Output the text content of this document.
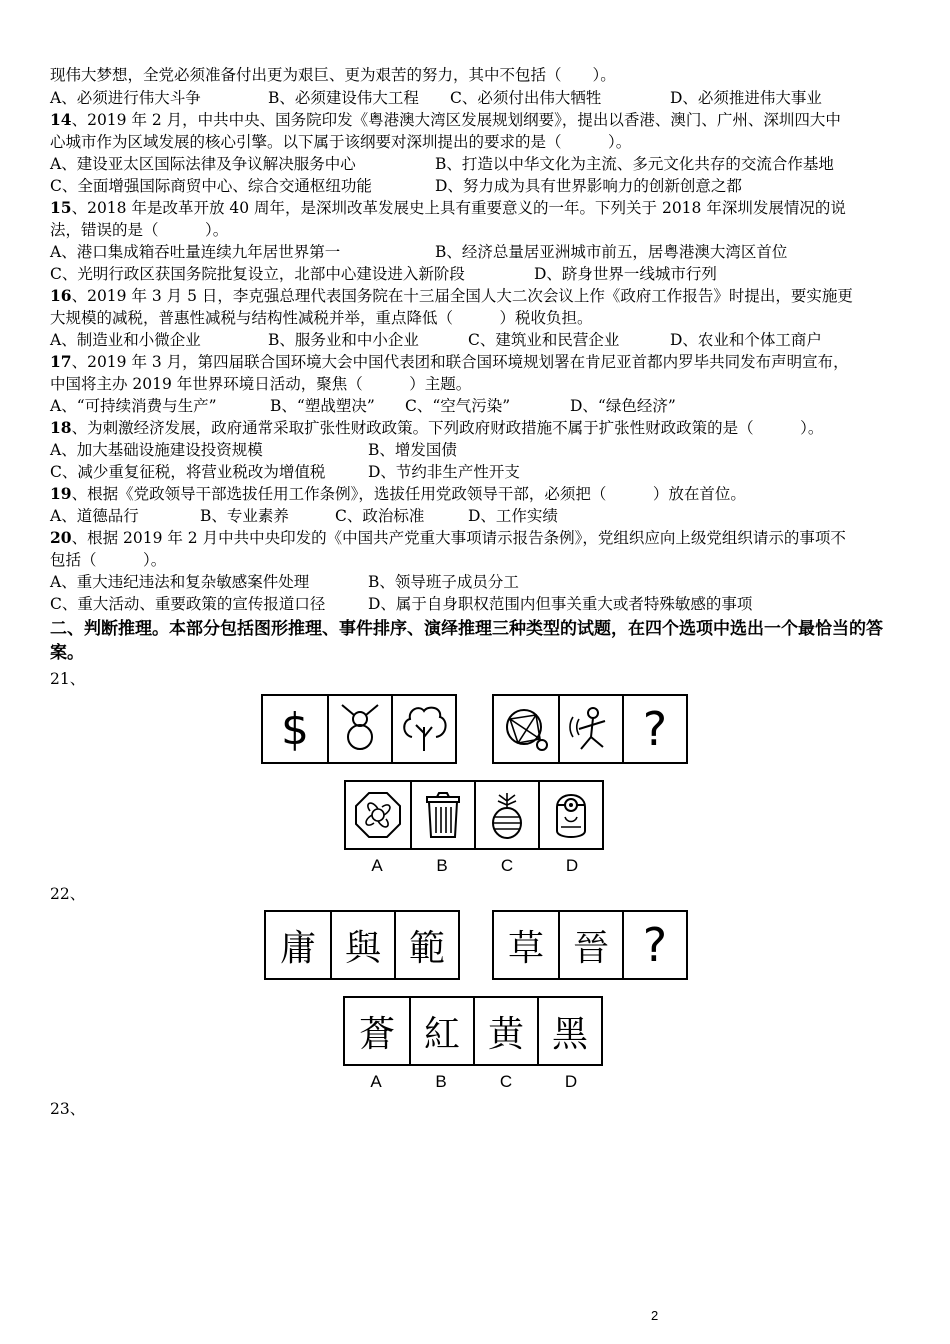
现伟大梦想，全党必须准备付出更为艰巨、更为艰苦的努力，其中不包括（　　）。
A、必须进行伟大斗争	B、必须建设伟大工程 C、必须付出伟大牺牲	D、必须推进伟大事业
14、2019 年 2 月，中共中央、国务院印发《粤港澳大湾区发展规划纲要》，提出以香港、澳门、广州、深圳四大中
心城市作为区域发展的核心引擎。以下属于该纲要对深圳提出的要求的是（　　　）。
A、建设亚太区国际法律及争议解决服务中心	B、打造以中华文化为主流、多元文化共存的交流合作基地
C、全面增强国际商贸中心、综合交通枢纽功能	D、努力成为具有世界影响力的创新创意之都
15、2018 年是改革开放 40 周年，是深圳改革发展史上具有重要意义的一年。下列关于 2018 年深圳发展情况的说
法，错误的是（　　　）。
A、港口集成箱吞吐量连续九年居世界第一	B、经济总量居亚洲城市前五，居粤港澳大湾区首位
C、光明行政区获国务院批复设立，北部中心建设进入新阶段	D、跻身世界一线城市行列
16、2019 年 3 月 5 日，李克强总理代表国务院在十三届全国人大二次会议上作《政府工作报告》时提出，要实施更
大规模的减税，普惠性减税与结构性减税并举，重点降低（　　　）税收负担。
A、制造业和小微企业	B、服务业和中小企业	C、建筑业和民营企业	D、农业和个体工商户
17、2019 年 3 月，第四届联合国环境大会中国代表团和联合国环境规划署在肯尼亚首都内罗毕共同发布声明宣布，
中国将主办 2019 年世界环境日活动，聚焦（　　　）主题。
A、“可持续消费与生产”	B、“塑战塑决” C、“空气污染”	D、“绿色经济”
18、为刺激经济发展，政府通常采取扩张性财政政策。下列政府财政措施不属于扩张性财政政策的是（　　　）。
A、加大基础设施建设投资规模	B、增发国债
C、减少重复征税，将营业税改为增值税	D、节约非生产性开支
19、根据《党政领导干部选拔任用工作条例》，选拔任用党政领导干部，必须把（　　　）放在首位。
A、道德品行	B、专业素养	C、政治标准	D、工作实绩
20、根据 2019 年 2 月中共中央印发的《中国共产党重大事项请示报告条例》，党组织应向上级党组织请示的事项不
包括（　　　）。
A、重大违纪违法和复杂敏感案件处理	B、领导班子成员分工
C、重大活动、重要政策的宣传报道口径	D、属于自身职权范围内但事关重大或者特殊敏感的事项
二、判断推理。本部分包括图形推理、事件排序、演绎推理三种类型的试题，在四个选项中选出一个最恰当的答案。
21、
$	?
A	B	C	D
22、
庸 與 範 草 晉 ?
蒼 紅 黄 黑
A	B	C	D
23、
2
